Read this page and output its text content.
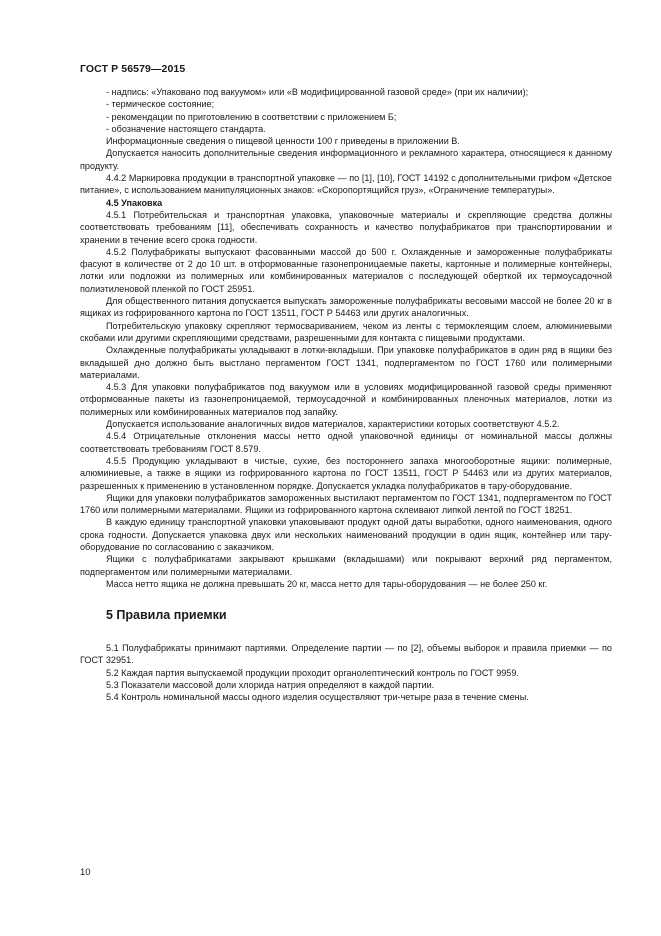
ГОСТ Р 56579—2015

- надпись: «Упаковано под вакуумом» или «В модифицированной газовой среде» (при их наличии);

- термическое состояние;

- рекомендации по приготовлению в соответствии с приложением Б;

- обозначение настоящего стандарта.

Информационные сведения о пищевой ценности 100 г приведены в приложении В.

Допускается наносить дополнительные сведения информационного и рекламного характера, относящиеся к данному продукту.

4.4.2 Маркировка продукции в транспортной упаковке — по [1], [10], ГОСТ 14192 с дополнительными грифом «Детское питание», с использованием манипуляционных знаков: «Скоропортящийся груз», «Ограничение температуры».

4.5 Упаковка

4.5.1 Потребительская и транспортная упаковка, упаковочные материалы и скрепляющие средства должны соответствовать требованиям [11], обеспечивать сохранность и качество полуфабрикатов при транспортировании и хранении в течение всего срока годности.

4.5.2 Полуфабрикаты выпускают фасованными массой до 500 г. Охлажденные и замороженные полуфабрикаты фасуют в количестве от 2 до 10 шт. в отформованные газонепроницаемые пакеты, картонные и полимерные контейнеры, лотки или подложки из полимерных или комбинированных материалов с последующей оберткой их термоусадочной полиэтиленовой пленкой по ГОСТ 25951.

Для общественного питания допускается выпускать замороженные полуфабрикаты весовыми массой не более 20 кг в ящиках из гофрированного картона по ГОСТ 13511, ГОСТ Р 54463 или других аналогичных.

Потребительскую упаковку скрепляют термосвариванием, чеком из ленты с термоклеящим слоем, алюминиевыми скобами или другими скрепляющими средствами, разрешенными для контакта с пищевыми продуктами.

Охлажденные полуфабрикаты укладывают в лотки-вкладыши. При упаковке полуфабрикатов в один ряд в ящики без вкладышей дно должно быть выстлано пергаментом ГОСТ 1341, подпергаментом по ГОСТ 1760 или полимерными материалами.

4.5.3 Для упаковки полуфабрикатов под вакуумом или в условиях модифицированной газовой среды применяют отформованные пакеты из газонепроницаемой, термоусадочной и комбинированных пленочных материалов, лотки из полимерных или комбинированных материалов под запайку.

Допускается использование аналогичных видов материалов, характеристики которых соответствуют 4.5.2.

4.5.4 Отрицательные отклонения массы нетто одной упаковочной единицы от номинальной массы должны соответствовать требованиям ГОСТ 8.579.

4.5.5 Продукцию укладывают в чистые, сухие, без постороннего запаха многооборотные ящики: полимерные, алюминиевые, а также в ящики из гофрированного картона по ГОСТ 13511, ГОСТ Р 54463 или из других материалов, разрешенных к применению в установленном порядке. Допускается укладка полуфабрикатов в тару-оборудование.

Ящики для упаковки полуфабрикатов замороженных выстилают пергаментом по ГОСТ 1341, подпергаментом по ГОСТ 1760 или полимерными материалами. Ящики из гофрированного картона склеивают липкой лентой по ГОСТ 18251.

В каждую единицу транспортной упаковки упаковывают продукт одной даты выработки, одного наименования, одного срока годности. Допускается упаковка двух или нескольких наименований продукции в один ящик, контейнер или тару-оборудование по согласованию с заказчиком.

Ящики с полуфабрикатами закрывают крышками (вкладышами) или покрывают верхний ряд пергаментом, подпергаментом или полимерными материалами.

Масса нетто ящика не должна превышать 20 кг, масса нетто для тары-оборудования — не более 250 кг.

5 Правила приемки

5.1 Полуфабрикаты принимают партиями. Определение партии — по [2], объемы выборок и правила приемки — по ГОСТ 32951.

5.2 Каждая партия выпускаемой продукции проходит органолептический контроль по ГОСТ 9959.

5.3 Показатели массовой доли хлорида натрия определяют в каждой партии.

5.4 Контроль номинальной массы одного изделия осуществляют три-четыре раза в течение смены.

10
